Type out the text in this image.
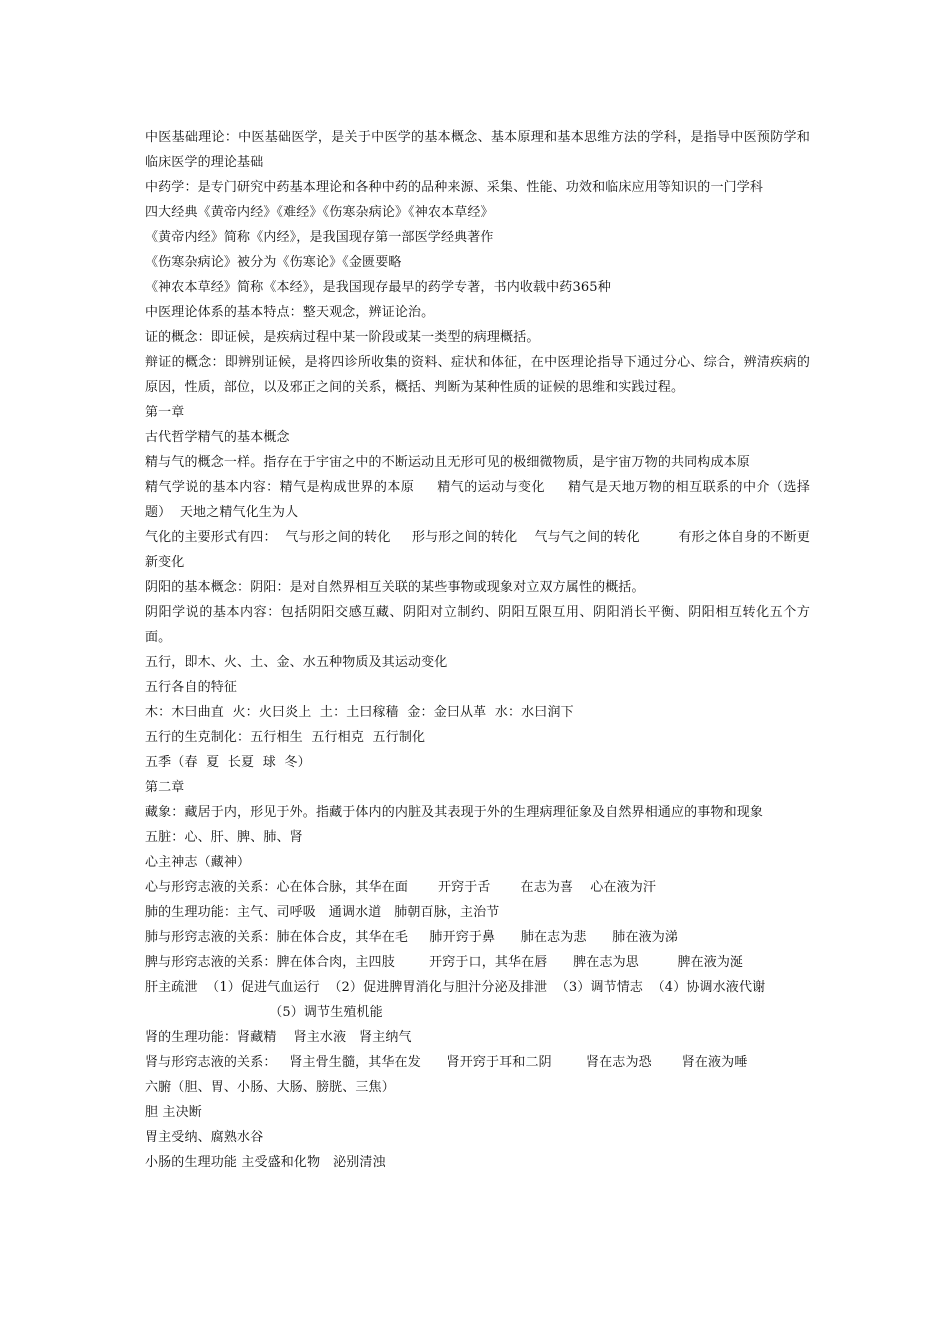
中医基础理论：中医基础医学，是关于中医学的基本概念、基本原理和基本思维方法的学科，是指导中医预防学和临床医学的理论基础

中药学：是专门研究中药基本理论和各种中药的品种来源、采集、性能、功效和临床应用等知识的一门学科

四大经典《黄帝内经》《难经》《伤寒杂病论》《神农本草经》

《黄帝内经》简称《内经》，是我国现存第一部医学经典著作

《伤寒杂病论》被分为《伤寒论》《金匮要略

《神农本草经》简称《本经》，是我国现存最早的药学专著，书内收载中药365种

中医理论体系的基本特点：整天观念，辨证论治。

证的概念：即证候，是疾病过程中某一阶段或某一类型的病理概括。

辩证的概念：即辨别证候，是将四诊所收集的资料、症状和体征，在中医理论指导下通过分心、综合，辨清疾病的原因，性质，部位，以及邪正之间的关系，概括、判断为某种性质的证候的思维和实践过程。

第一章

古代哲学精气的基本概念

精与气的概念一样。指存在于宇宙之中的不断运动且无形可见的极细微物质，是宇宙万物的共同构成本原

精气学说的基本内容：精气是构成世界的本原     精气的运动与变化     精气是天地万物的相互联系的中介（选择题）  天地之精气化生为人

气化的主要形式有四：  气与形之间的转化     形与形之间的转化    气与气之间的转化         有形之体自身的不断更新变化

阴阳的基本概念：阴阳：是对自然界相互关联的某些事物或现象对立双方属性的概括。

阴阳学说的基本内容：包括阴阳交感互藏、阴阳对立制约、阴阳互限互用、阴阳消长平衡、阴阳相互转化五个方面。

五行，即木、火、土、金、水五种物质及其运动变化

五行各自的特征

木：木曰曲直  火：火曰炎上  土：土曰稼穑  金：金曰从革  水：水曰润下

五行的生克制化：五行相生  五行相克  五行制化

五季（春  夏  长夏  球  冬）

第二章

藏象：藏居于内，形见于外。指藏于体内的内脏及其表现于外的生理病理征象及自然界相通应的事物和现象

五脏：心、肝、脾、肺、肾

心主神志（藏神）

心与形窍志液的关系：心在体合脉，其华在面       开窍于舌       在志为喜    心在液为汗

肺的生理功能：主气、司呼吸   通调水道   肺朝百脉，主治节

肺与形窍志液的关系：肺在体合皮，其华在毛     肺开窍于鼻      肺在志为悲      肺在液为涕

脾与形窍志液的关系：脾在体合肉，主四肢        开窍于口，其华在唇      脾在志为思         脾在液为涎

肝主疏泄  （1）促进气血运行  （2）促进脾胃消化与胆汁分泌及排泄  （3）调节情志  （4）协调水液代谢
（5）调节生殖机能

肾的生理功能：肾藏精    肾主水液   肾主纳气

肾与形窍志液的关系：   肾主骨生髓，其华在发      肾开窍于耳和二阴        肾在志为恐       肾在液为唾

六腑（胆、胃、小肠、大肠、膀胱、三焦）

胆 主决断

胃主受纳、腐熟水谷

小肠的生理功能 主受盛和化物   泌别清浊
